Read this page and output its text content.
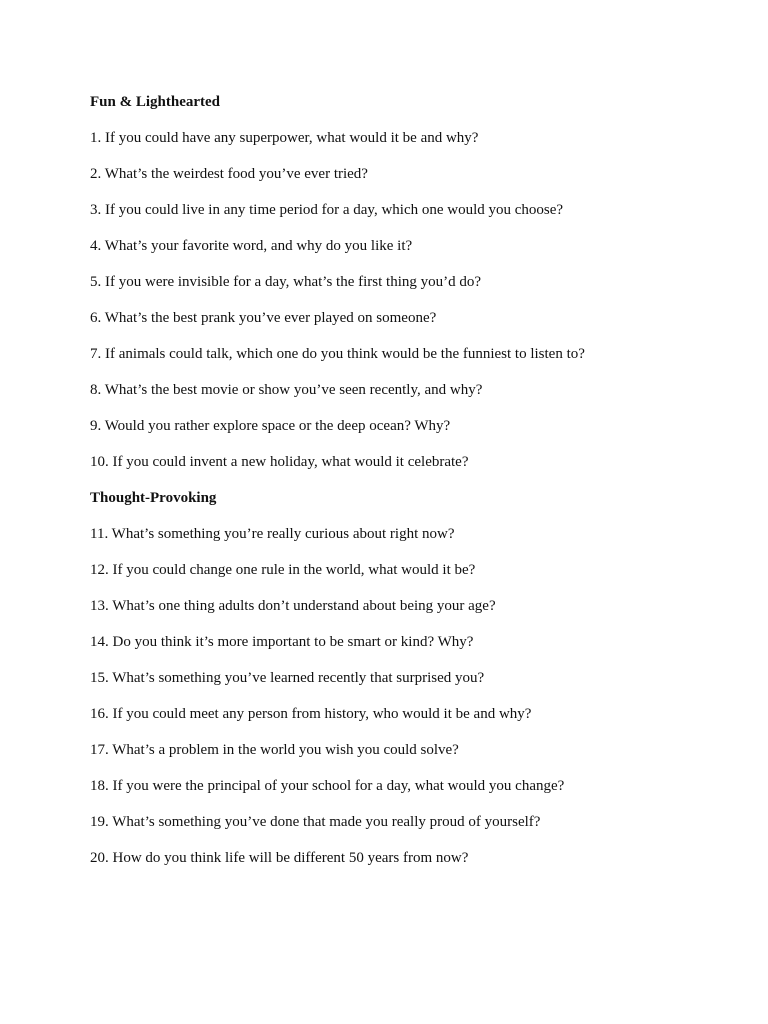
Fun & Lighthearted
1. If you could have any superpower, what would it be and why?
2. What’s the weirdest food you’ve ever tried?
3. If you could live in any time period for a day, which one would you choose?
4. What’s your favorite word, and why do you like it?
5. If you were invisible for a day, what’s the first thing you’d do?
6. What’s the best prank you’ve ever played on someone?
7. If animals could talk, which one do you think would be the funniest to listen to?
8. What’s the best movie or show you’ve seen recently, and why?
9. Would you rather explore space or the deep ocean? Why?
10. If you could invent a new holiday, what would it celebrate?
Thought-Provoking
11. What’s something you’re really curious about right now?
12. If you could change one rule in the world, what would it be?
13. What’s one thing adults don’t understand about being your age?
14. Do you think it’s more important to be smart or kind? Why?
15. What’s something you’ve learned recently that surprised you?
16. If you could meet any person from history, who would it be and why?
17. What’s a problem in the world you wish you could solve?
18. If you were the principal of your school for a day, what would you change?
19. What’s something you’ve done that made you really proud of yourself?
20. How do you think life will be different 50 years from now?
